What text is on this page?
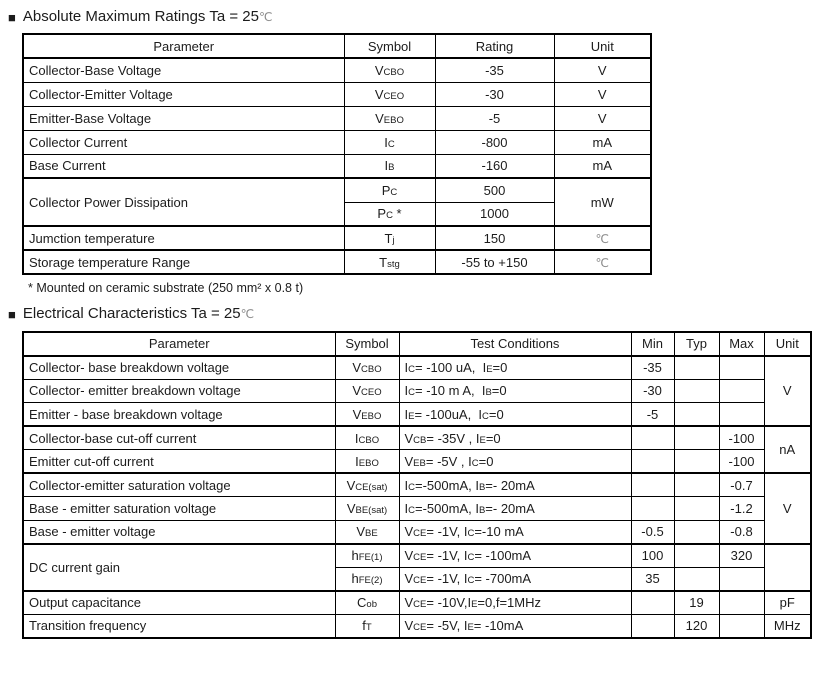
■ Absolute Maximum Ratings Ta = 25℃
Parameter	Symbol	Rating	Unit
Collector-Base Voltage	VCBO	-35	V
Collector-Emitter Voltage	VCEO	-30	V
Emitter-Base Voltage	VEBO	-5	V
Collector Current	IC	-800	mA
Base Current	IB	-160	mA
Collector Power Dissipation	PC	500	mW
	PC *	1000	
Jumction temperature	Tj	150	℃
Storage temperature Range	Tstg	-55 to +150	℃
* Mounted on ceramic substrate (250 mm² x 0.8 t)
■ Electrical Characteristics Ta = 25℃
Parameter	Symbol	Test Conditions	Min	Typ	Max	Unit
Collector- base breakdown voltage	VCBO	IC= -100 uA,  IE=0	-35			V
Collector- emitter breakdown voltage	VCEO	IC= -10 m A,  IB=0	-30			
Emitter - base breakdown voltage	VEBO	IE= -100uA,  IC=0	-5			
Collector-base cut-off current	ICBO	VCB= -35V , IE=0			-100	nA
Emitter cut-off current	IEBO	VEB= -5V , IC=0			-100	
Collector-emitter saturation voltage	VCE(sat)	IC=-500mA, IB=- 20mA			-0.7	V
Base - emitter saturation voltage	VBE(sat)	IC=-500mA, IB=- 20mA			-1.2	
Base - emitter voltage	VBE	VCE= -1V, IC=-10 mA	-0.5		-0.8	
DC current gain	hFE(1)	VCE= -1V, IC= -100mA	100		320	
	hFE(2)	VCE= -1V, IC= -700mA	35			
Output capacitance	Cob	VCE= -10V,IE=0,f=1MHz		19		pF
Transition frequency	fT	VCE= -5V, IE= -10mA		120		MHz
